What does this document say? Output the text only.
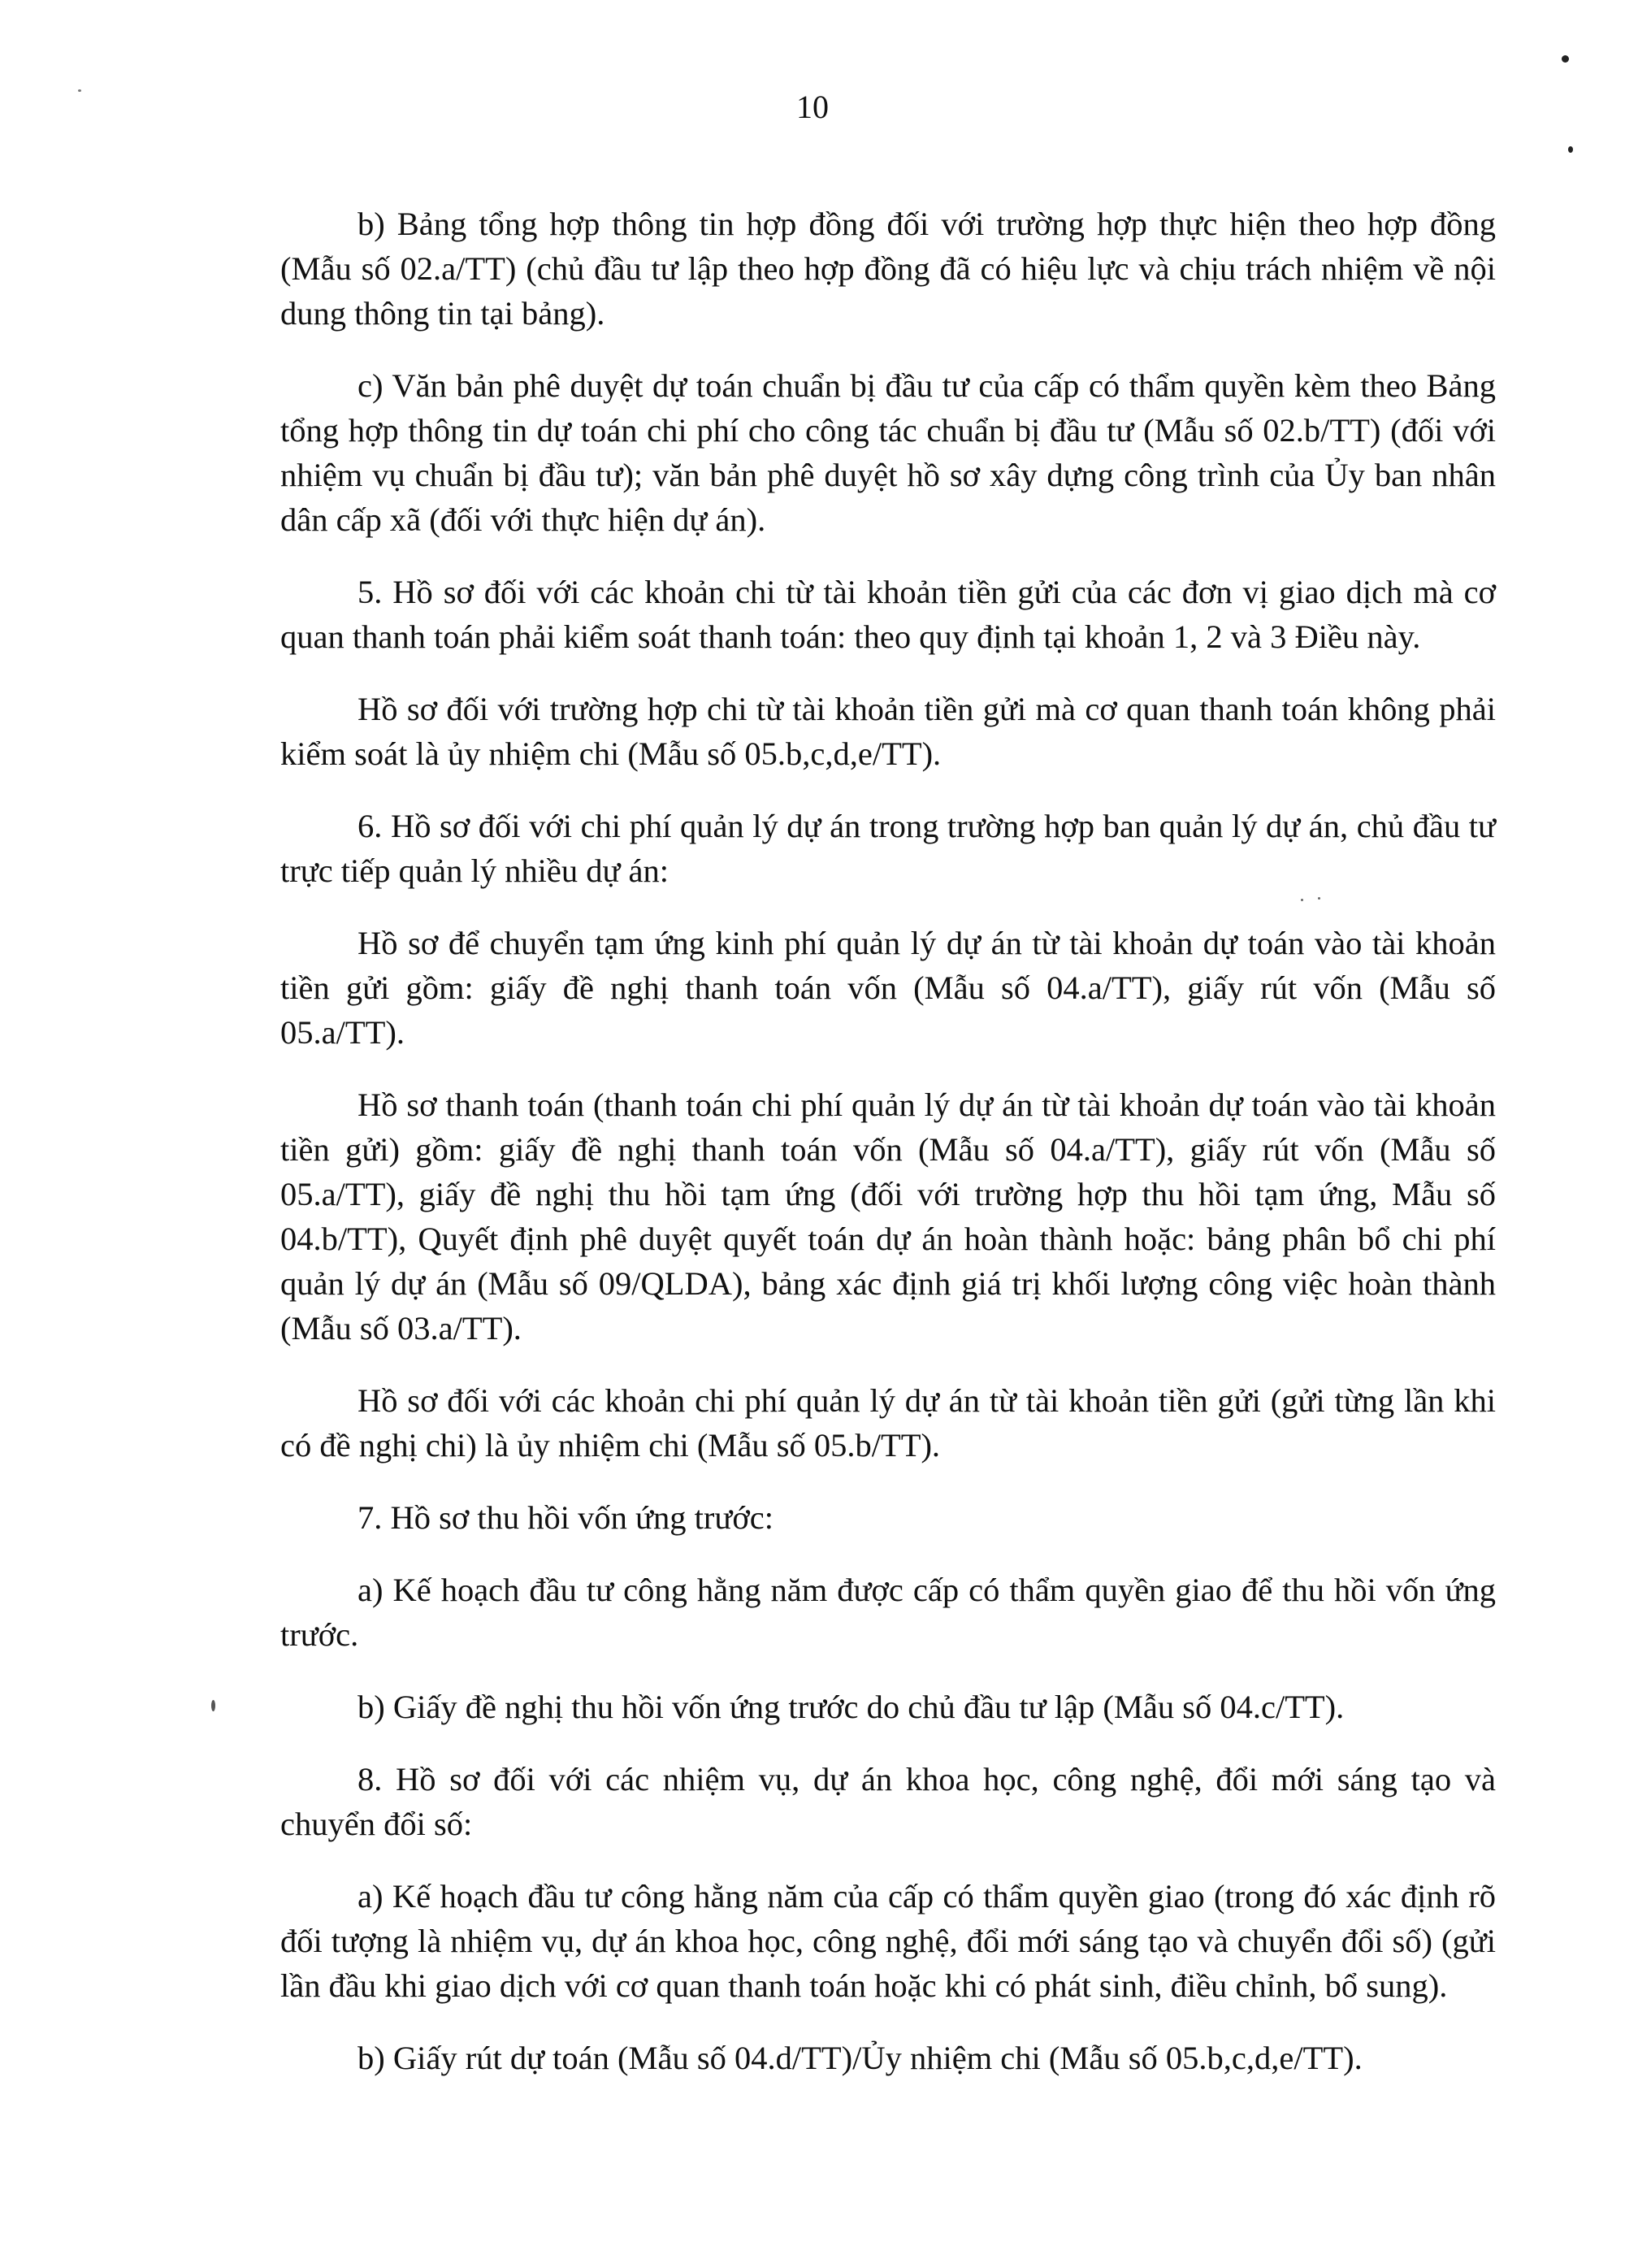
10

b) Bảng tổng hợp thông tin hợp đồng đối với trường hợp thực hiện theo hợp đồng (Mẫu số 02.a/TT) (chủ đầu tư lập theo hợp đồng đã có hiệu lực và chịu trách nhiệm về nội dung thông tin tại bảng).

c) Văn bản phê duyệt dự toán chuẩn bị đầu tư của cấp có thẩm quyền kèm theo Bảng tổng hợp thông tin dự toán chi phí cho công tác chuẩn bị đầu tư (Mẫu số 02.b/TT) (đối với nhiệm vụ chuẩn bị đầu tư); văn bản phê duyệt hồ sơ xây dựng công trình của Ủy ban nhân dân cấp xã (đối với thực hiện dự án).

5. Hồ sơ đối với các khoản chi từ tài khoản tiền gửi của các đơn vị giao dịch mà cơ quan thanh toán phải kiểm soát thanh toán: theo quy định tại khoản 1, 2 và 3 Điều này.

Hồ sơ đối với trường hợp chi từ tài khoản tiền gửi mà cơ quan thanh toán không phải kiểm soát là ủy nhiệm chi (Mẫu số 05.b,c,d,e/TT).

6. Hồ sơ đối với chi phí quản lý dự án trong trường hợp ban quản lý dự án, chủ đầu tư trực tiếp quản lý nhiều dự án:

Hồ sơ để chuyển tạm ứng kinh phí quản lý dự án từ tài khoản dự toán vào tài khoản tiền gửi gồm: giấy đề nghị thanh toán vốn (Mẫu số 04.a/TT), giấy rút vốn (Mẫu số 05.a/TT).

Hồ sơ thanh toán (thanh toán chi phí quản lý dự án từ tài khoản dự toán vào tài khoản tiền gửi) gồm: giấy đề nghị thanh toán vốn (Mẫu số 04.a/TT), giấy rút vốn (Mẫu số 05.a/TT), giấy đề nghị thu hồi tạm ứng (đối với trường hợp thu hồi tạm ứng, Mẫu số 04.b/TT), Quyết định phê duyệt quyết toán dự án hoàn thành hoặc: bảng phân bổ chi phí quản lý dự án (Mẫu số 09/QLDA), bảng xác định giá trị khối lượng công việc hoàn thành (Mẫu số 03.a/TT).

Hồ sơ đối với các khoản chi phí quản lý dự án từ tài khoản tiền gửi (gửi từng lần khi có đề nghị chi) là ủy nhiệm chi (Mẫu số 05.b/TT).

7. Hồ sơ thu hồi vốn ứng trước:

a) Kế hoạch đầu tư công hằng năm được cấp có thẩm quyền giao để thu hồi vốn ứng trước.

b) Giấy đề nghị thu hồi vốn ứng trước do chủ đầu tư lập (Mẫu số 04.c/TT).

8. Hồ sơ đối với các nhiệm vụ, dự án khoa học, công nghệ, đổi mới sáng tạo và chuyển đổi số:

a) Kế hoạch đầu tư công hằng năm của cấp có thẩm quyền giao (trong đó xác định rõ đối tượng là nhiệm vụ, dự án khoa học, công nghệ, đổi mới sáng tạo và chuyển đổi số) (gửi lần đầu khi giao dịch với cơ quan thanh toán hoặc khi có phát sinh, điều chỉnh, bổ sung).

b) Giấy rút dự toán (Mẫu số 04.d/TT)/Ủy nhiệm chi (Mẫu số 05.b,c,d,e/TT).
